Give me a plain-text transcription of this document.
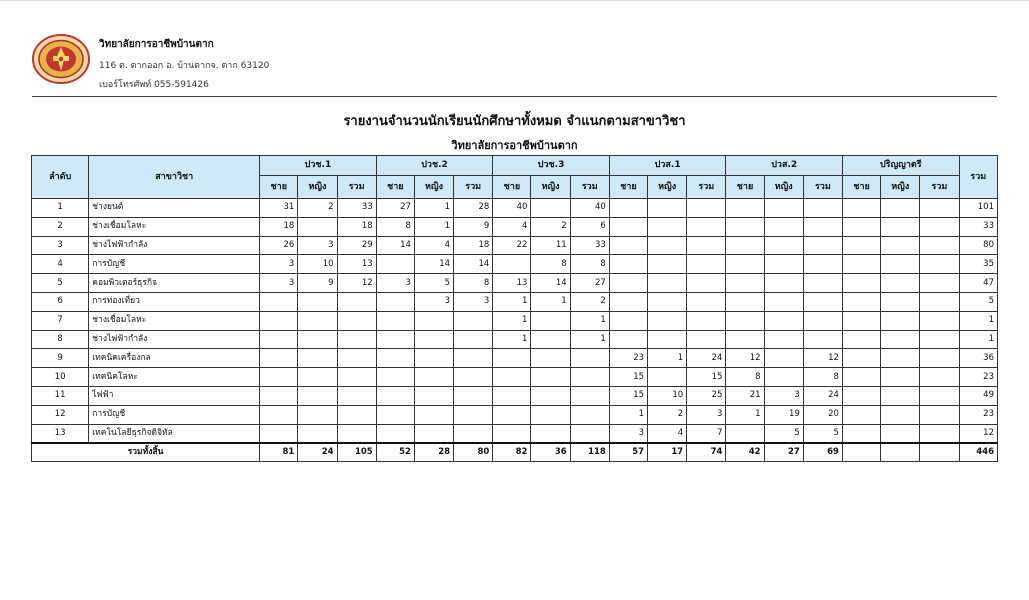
วิทยาลัยการอาชีพบ้านตาก
116 ต. ตากออก อ. บ้านตากจ. ตาก 63120
เบอร์โทรศัพท์ 055-591426
รายงานจำนวนนักเรียนนักศึกษาทั้งหมด จำแนกตามสาขาวิชา
วิทยาลัยการอาชีพบ้านตาก
ลำดับ	สาขาวิชา	ปวช.1			ปวช.2			ปวช.3			ปวส.1			ปวส.2			ปริญญาตรี			รวม
		ชาย	หญิง	รวม	ชาย	หญิง	รวม	ชาย	หญิง	รวม	ชาย	หญิง	รวม	ชาย	หญิง	รวม	ชาย	หญิง	รวม	
1	ช่างยนต์	31	2	33	27	1	28	40		40										101
2	ช่างเชื่อมโลหะ	18		18	8	1	9	4	2	6										33
3	ช่างไฟฟ้ากำลัง	26	3	29	14	4	18	22	11	33										80
4	การบัญชี	3	10	13		14	14		8	8										35
5	คอมพิวเตอร์ธุรกิจ	3	9	12	3	5	8	13	14	27										47
6	การท่องเที่ยว					3	3	1	1	2										5
7	ช่างเชื่อมโลหะ							1		1										1
8	ช่างไฟฟ้ากำลัง							1		1										1
9	เทคนิคเครื่องกล										23	1	24	12		12				36
10	เทคนิคโลหะ										15		15	8		8				23
11	ไฟฟ้า										15	10	25	21	3	24				49
12	การบัญชี										1	2	3	1	19	20				23
13	เทคโนโลยีธุรกิจดิจิทัล										3	4	7		5	5				12
รวมทั้งสิ้น		81	24	105	52	28	80	82	36	118	57	17	74	42	27	69				446
